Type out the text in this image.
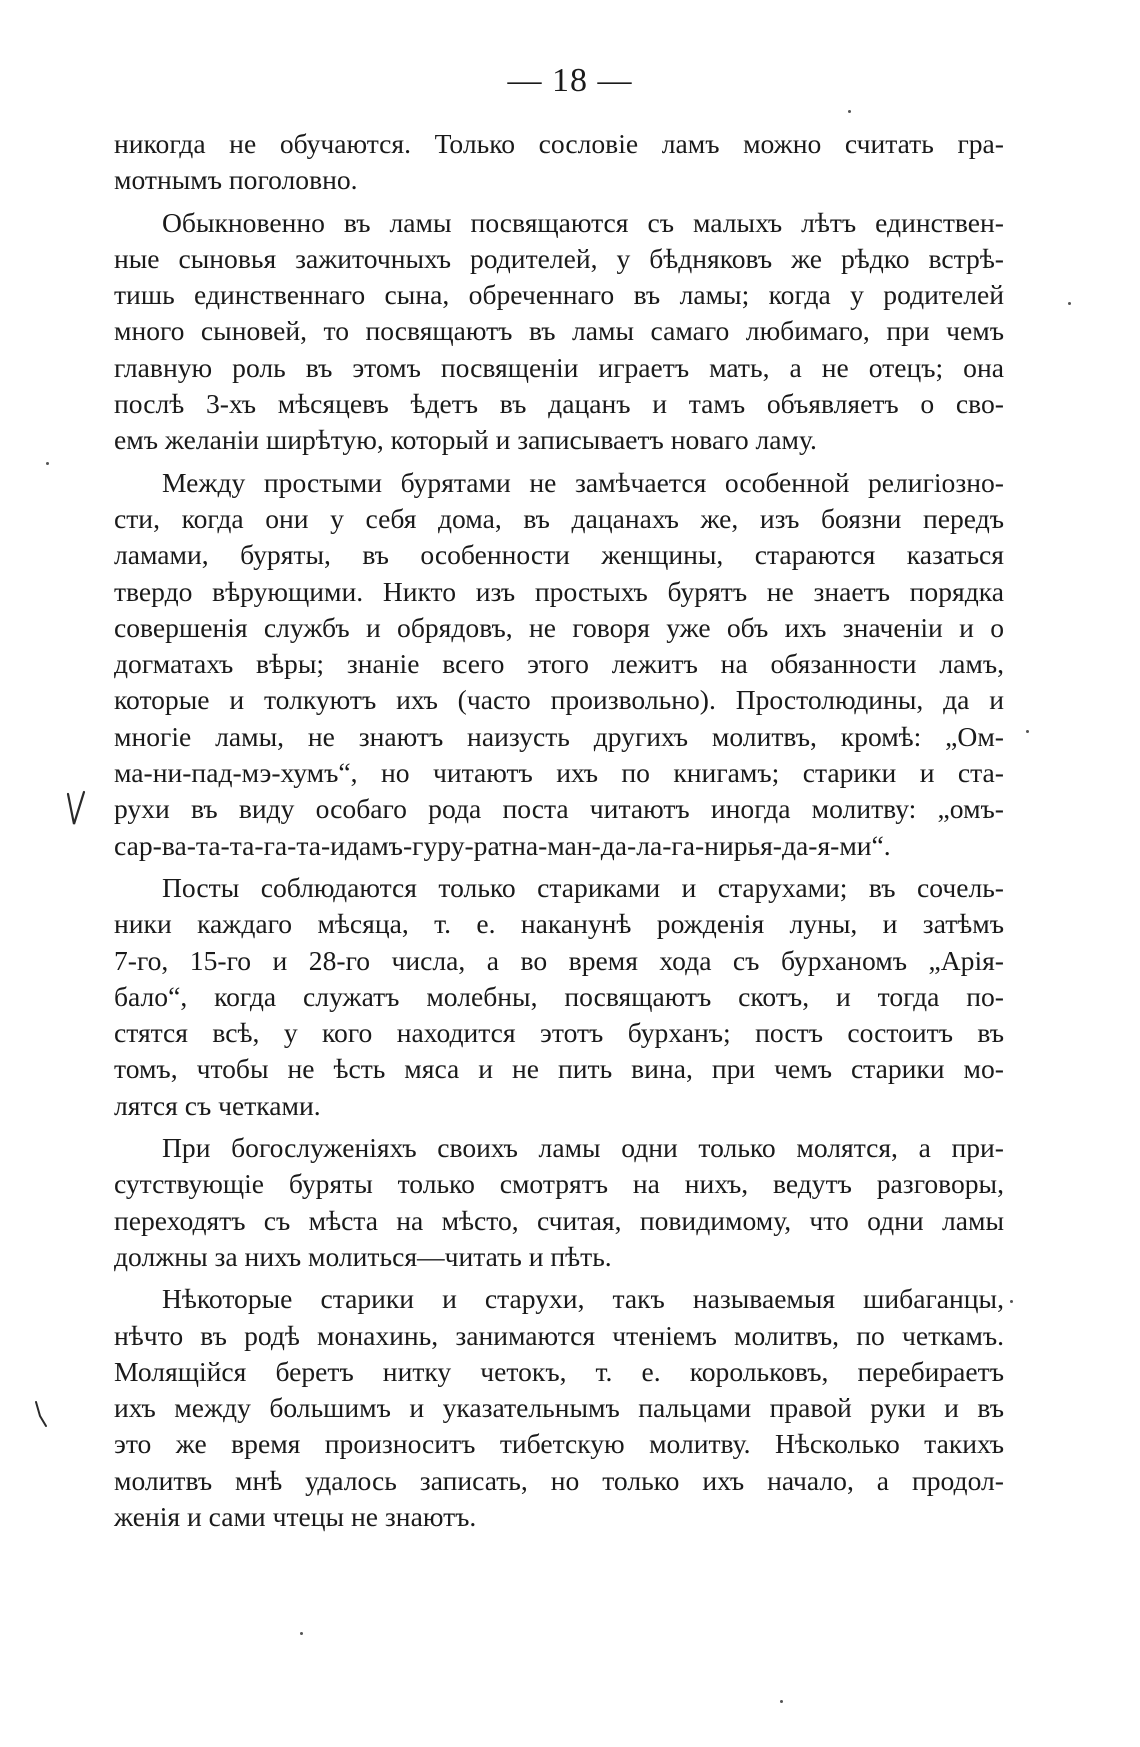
— 18 —
никогда не обучаются. Только сословіе ламъ можно считать гра-
мотнымъ поголовно.
Обыкновенно въ ламы посвящаются съ малыхъ лѣтъ единствен-
ные сыновья зажиточныхъ родителей, у бѣдняковъ же рѣдко встрѣ-
тишь единственнаго сына, обреченнаго въ ламы; когда у родителей
много сыновей, то посвящаютъ въ ламы самаго любимаго, при чемъ
главную роль въ этомъ посвященіи играетъ мать, а не отецъ; она
послѣ 3-хъ мѣсяцевъ ѣдетъ въ дацанъ и тамъ объявляетъ о сво-
емъ желаніи ширѣтую, который и записываетъ новаго ламу.
Между простыми бурятами не замѣчается особенной религіозно-
сти, когда они у себя дома, въ дацанахъ же, изъ боязни передъ
ламами, буряты, въ особенности женщины, стараются казаться
твердо вѣрующими. Никто изъ простыхъ бурятъ не знаетъ порядка
совершенія службъ и обрядовъ, не говоря уже объ ихъ значеніи и о
догматахъ вѣры; знаніе всего этого лежитъ на обязанности ламъ,
которые и толкуютъ ихъ (часто произвольно). Простолюдины, да и
многіе ламы, не знаютъ наизусть другихъ молитвъ, кромѣ: „Ом-
ма-ни-пад-мэ-хумъ“, но читаютъ ихъ по книгамъ; старики и ста-
рухи въ виду особаго рода поста читаютъ иногда молитву: „омъ-
сар-ва-та-та-га-та-идамъ-гуру-ратна-ман-да-ла-га-нирья-да-я-ми“.
Посты соблюдаются только стариками и старухами; въ сочель-
ники каждаго мѣсяца, т. е. наканунѣ рожденія луны, и затѣмъ
7-го, 15-го и 28-го числа, а во время хода съ бурханомъ „Арія-
бало“, когда служатъ молебны, посвящаютъ скотъ, и тогда по-
стятся всѣ, у кого находится этотъ бурханъ; постъ состоитъ въ
томъ, чтобы не ѣсть мяса и не пить вина, при чемъ старики мо-
лятся съ четками.
При богослуженіяхъ своихъ ламы одни только молятся, а при-
сутствующіе буряты только смотрятъ на нихъ, ведутъ разговоры,
переходятъ съ мѣста на мѣсто, считая, повидимому, что одни ламы
должны за нихъ молиться—читать и пѣть.
Нѣкоторые старики и старухи, такъ называемыя шибаганцы,
нѣчто въ родѣ монахинь, занимаются чтеніемъ молитвъ, по четкамъ.
Молящійся беретъ нитку четокъ, т. е. корольковъ, перебираетъ
ихъ между большимъ и указательнымъ пальцами правой руки и въ
это же время произноситъ тибетскую молитву. Нѣсколько такихъ
молитвъ мнѣ удалось записать, но только ихъ начало, а продол-
женія и сами чтецы не знаютъ.
